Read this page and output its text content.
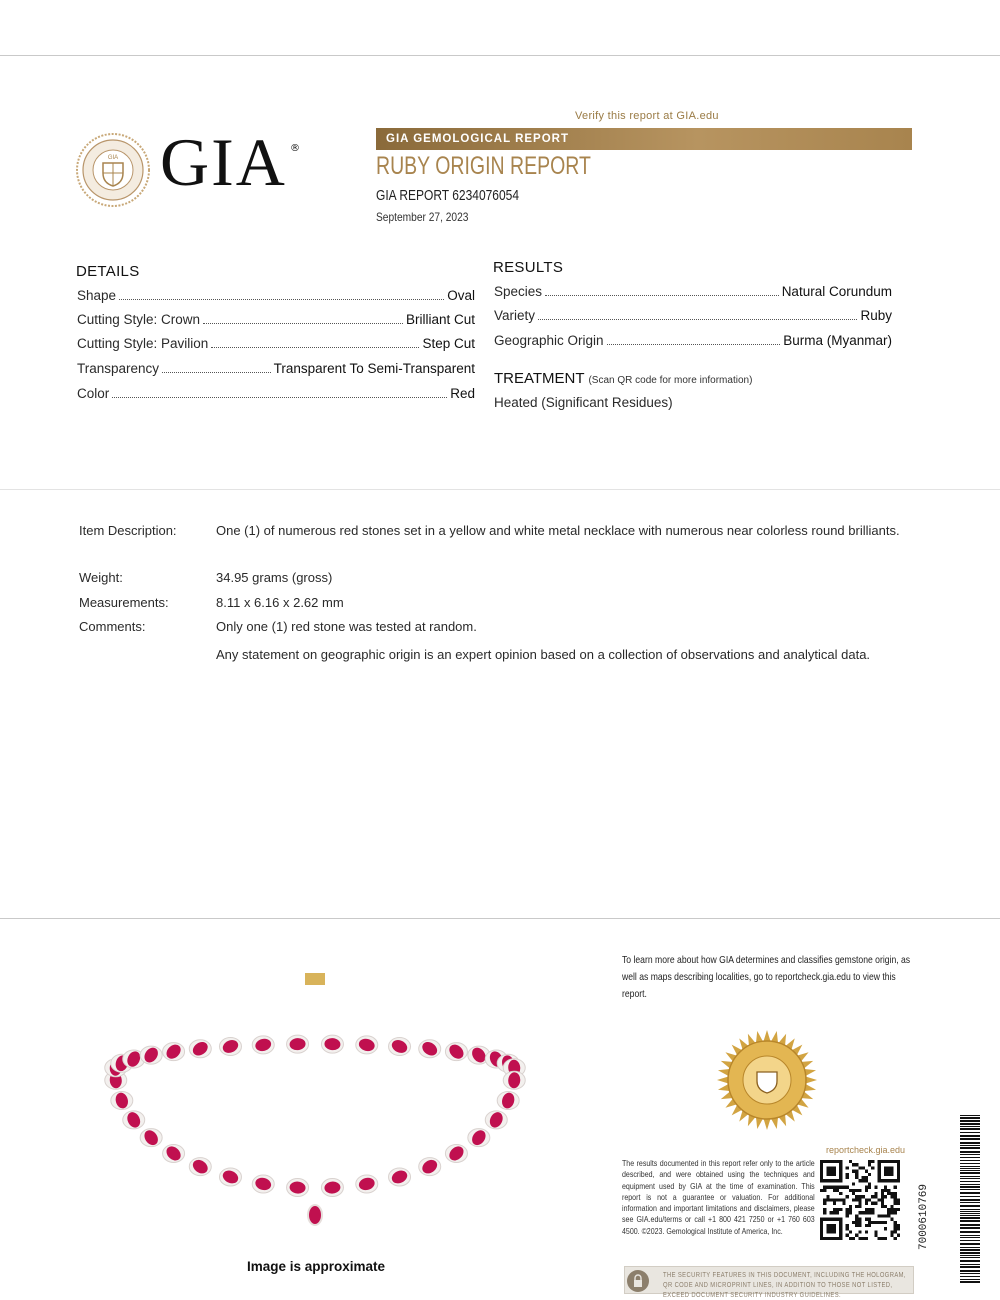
Verify this report at GIA.edu
GIA GIA ®
GIA GEMOLOGICAL REPORT
RUBY ORIGIN REPORT
GIA REPORT 6234076054
September 27, 2023
DETAILS
Shape	Oval
Cutting Style: Crown	Brilliant Cut
Cutting Style: Pavilion	Step Cut
Transparency	Transparent To Semi-Transparent
Color	Red
RESULTS
Species	Natural Corundum
Variety	Ruby
Geographic Origin	Burma (Myanmar)
TREATMENT (Scan QR code for more information)
Heated (Significant Residues)
Item Description:	One (1) of numerous red stones set in a yellow and white metal necklace with numerous near colorless round brilliants.
Weight:	34.95 grams (gross)
Measurements:	8.11 x 6.16 x 2.62 mm
Comments:	Only one (1) red stone was tested at random.
Any statement on geographic origin is an expert opinion based on a collection of observations and analytical data.
Image is approximate
To learn more about how GIA determines and classifies gemstone origin, as well as maps describing localities, go to reportcheck.gia.edu to view this report.
reportcheck.gia.edu
The results documented in this report refer only to the article described, and were obtained using the techniques and equipment used by GIA at the time of examination. This report is not a guarantee or valuation. For additional information and important limitations and disclaimers, please see GIA.edu/terms or call +1 800 421 7250 or +1 760 603 4500. ©2023. Gemological Institute of America, Inc.	7000610769
THE SECURITY FEATURES IN THIS DOCUMENT, INCLUDING THE HOLOGRAM, QR CODE AND MICROPRINT LINES, IN ADDITION TO THOSE NOT LISTED, EXCEED DOCUMENT SECURITY INDUSTRY GUIDELINES.
